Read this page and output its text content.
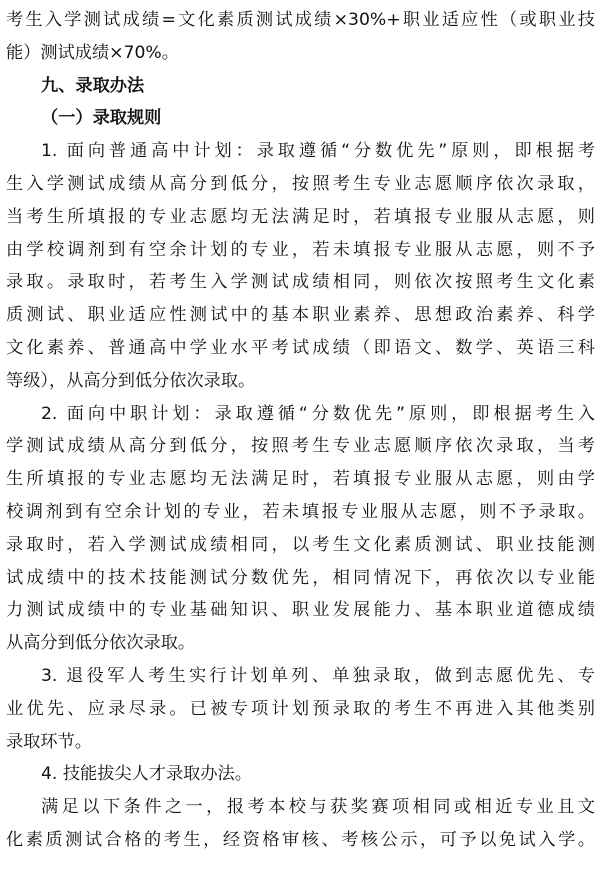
考生入学测试成绩=文化素质测试成绩×30%+职业适应性（或职业技
能）测试成绩×70%。
九、录取办法
（一）录取规则
1. 面向普通高中计划：录取遵循“分数优先”原则，即根据考
生入学测试成绩从高分到低分，按照考生专业志愿顺序依次录取，
当考生所填报的专业志愿均无法满足时，若填报专业服从志愿，则
由学校调剂到有空余计划的专业，若未填报专业服从志愿，则不予
录取。录取时，若考生入学测试成绩相同，则依次按照考生文化素
质测试、职业适应性测试中的基本职业素养、思想政治素养、科学
文化素养、普通高中学业水平考试成绩（即语文、数学、英语三科
等级），从高分到低分依次录取。
2. 面向中职计划：录取遵循“分数优先”原则，即根据考生入
学测试成绩从高分到低分，按照考生专业志愿顺序依次录取，当考
生所填报的专业志愿均无法满足时，若填报专业服从志愿，则由学
校调剂到有空余计划的专业，若未填报专业服从志愿，则不予录取。
录取时，若入学测试成绩相同，以考生文化素质测试、职业技能测
试成绩中的技术技能测试分数优先，相同情况下，再依次以专业能
力测试成绩中的专业基础知识、职业发展能力、基本职业道德成绩
从高分到低分依次录取。
3. 退役军人考生实行计划单列、单独录取，做到志愿优先、专
业优先、应录尽录。已被专项计划预录取的考生不再进入其他类别
录取环节。
4. 技能拔尖人才录取办法。
满足以下条件之一，报考本校与获奖赛项相同或相近专业且文
化素质测试合格的考生，经资格审核、考核公示，可予以免试入学。
